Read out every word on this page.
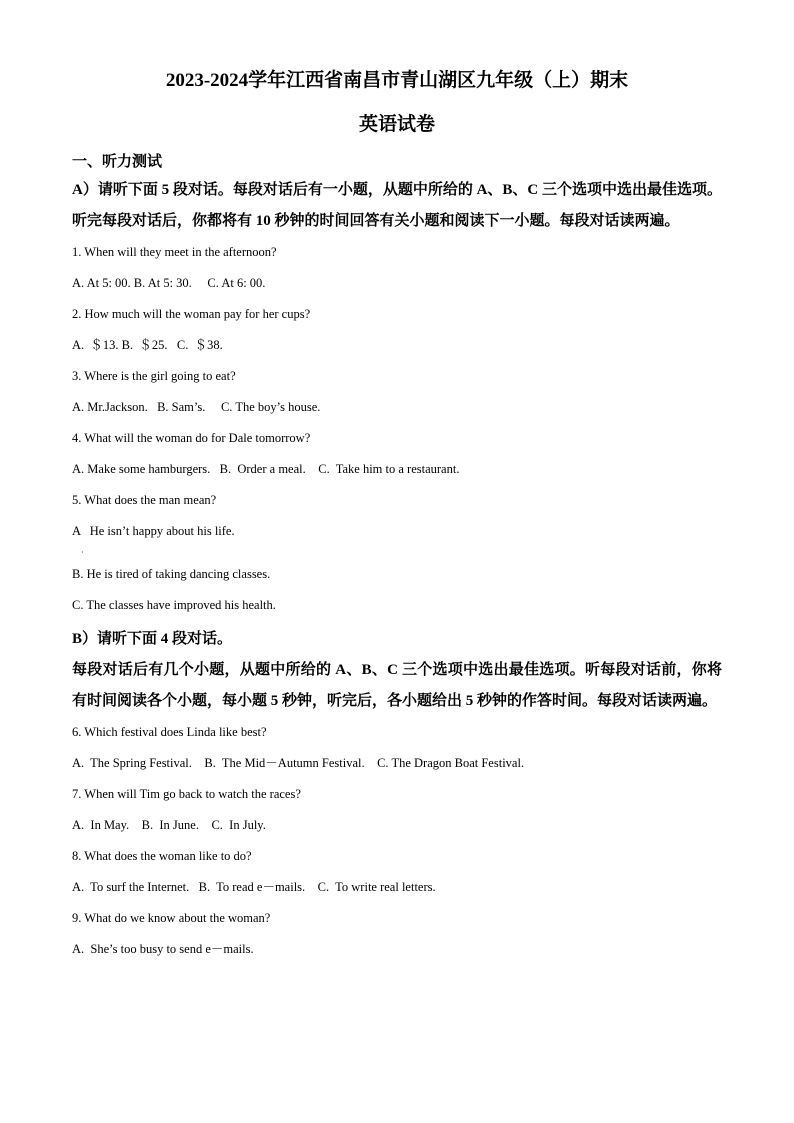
2023-2024学年江西省南昌市青山湖区九年级（上）期末
英语试卷
一、听力测试
A）请听下面 5 段对话。每段对话后有一小题，从题中所给的 A、B、C 三个选项中选出最佳选项。听完每段对话后，你都将有 10 秒钟的时间回答有关小题和阅读下一小题。每段对话读两遍。
1. When will they meet in the afternoon?
A. At 5: 00. B. At 5: 30.     C. At 6: 00.
2. How much will the woman pay for her cups?
A.  ＄13. B.  ＄25.   C.  ＄38.
3. Where is the girl going to eat?
A. Mr.Jackson.   B. Sam’s.     C. The boy’s house.
4. What will the woman do for Dale tomorrow?
A. Make some hamburgers.   B.  Order a meal.    C.  Take him to a restaurant.
5. What does the man mean?
A   He isn’t happy about his life.
·
B. He is tired of taking dancing classes.
C. The classes have improved his health.
B）请听下面 4 段对话。
每段对话后有几个小题，从题中所给的 A、B、C 三个选项中选出最佳选项。听每段对话前，你将有时间阅读各个小题，每小题 5 秒钟，听完后，各小题给出 5 秒钟的作答时间。每段对话读两遍。
6. Which festival does Linda like best?
A.  The Spring Festival.    B.  The Mid－Autumn Festival.    C. The Dragon Boat Festival.
7. When will Tim go back to watch the races?
A.  In May.    B.  In June.    C.  In July.
8. What does the woman like to do?
A.  To surf the Internet.   B.  To read e－mails.    C.  To write real letters.
9. What do we know about the woman?
A.  She’s too busy to send e－mails.
